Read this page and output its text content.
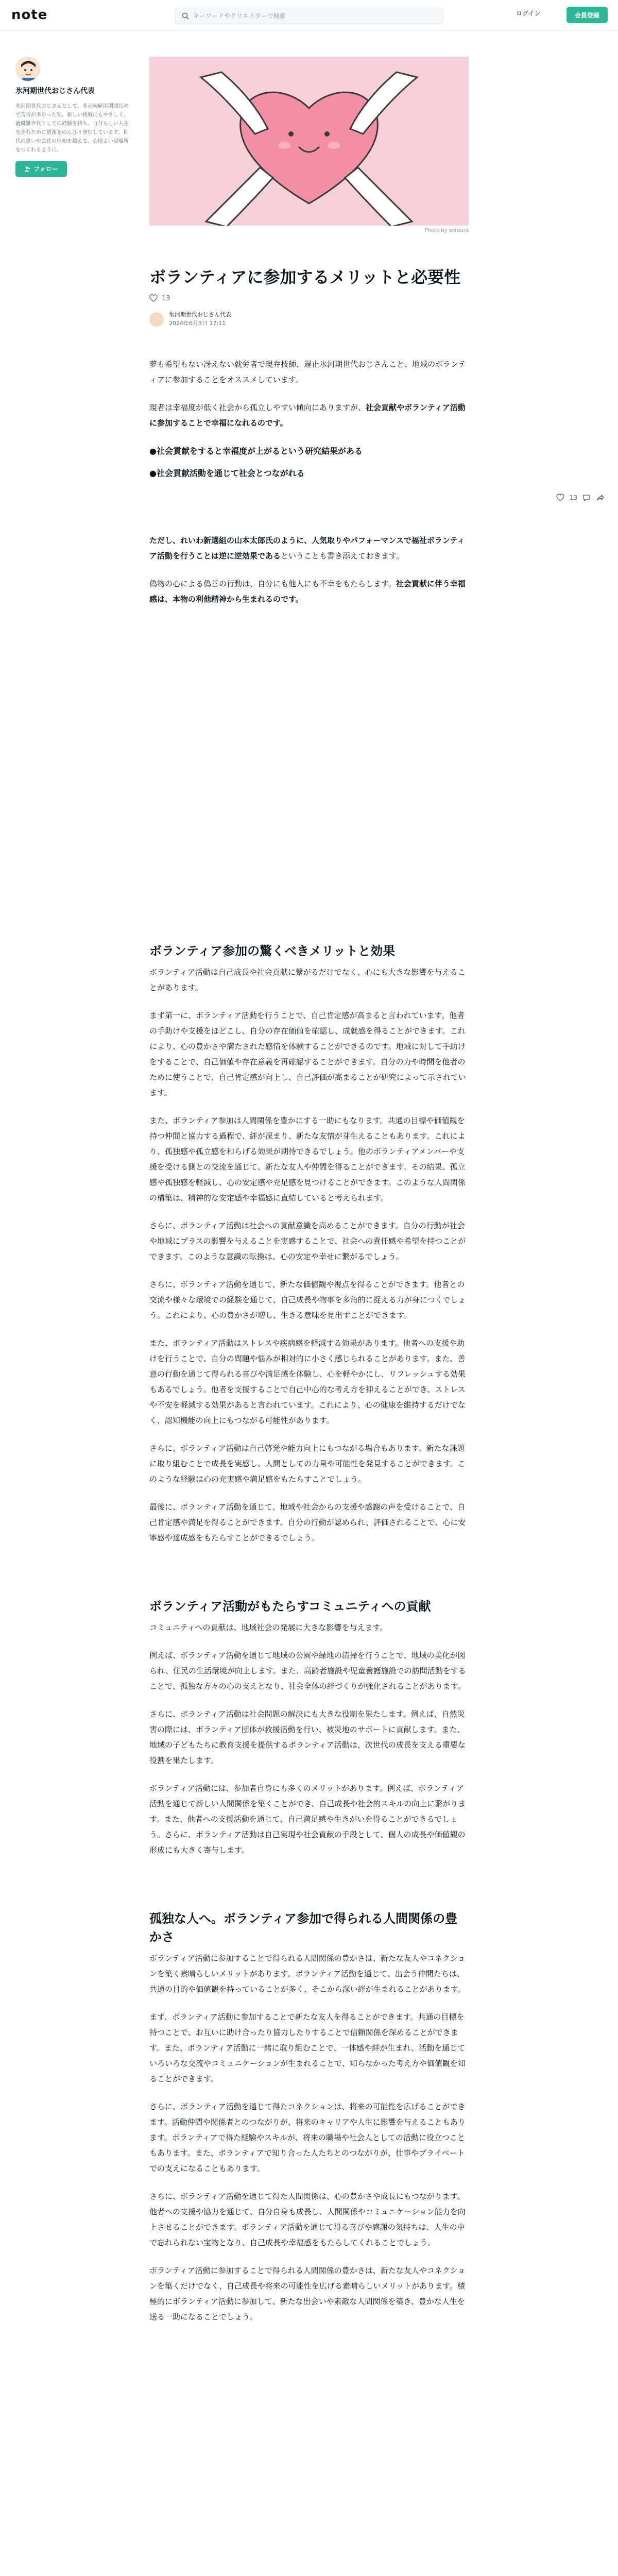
note
キーワードやクリエイターで検索	ログイン	会員登録
氷河期世代おじさん代表
氷河期世代おじさんとして、非正規雇用期間長めで苦労が多かった私。新しい挑戦にもやさしく、就職難世代としての経験を持ち、自分らしい人生を歩むために情報をのんびり発信しています。世代の違いや会社の垣根を越えて、心地よい居場所をつくれるように。
フォロー
Photo by soraura
ボランティアに参加するメリットと必要性
13
氷河期世代おじさん代表
2024年6月3日 17:11

夢も希望もない冴えない就労者で現弁技師、遅止氷河期世代おじさんこと、地域のボランティアに参加することをオススメしています。

現者は幸福度が低く社会から孤立しやすい傾向にありますが、社会貢献やボランティア活動に参加することで幸福になれるのです。

●社会貢献をすると幸福度が上がるという研究結果がある
●社会貢献活動を通じて社会とつながれる

ただし、れいわ新選組の山本太郎氏のように、人気取りやパフォーマンスで福祉ボランティア活動を行うことは逆に逆効果であるということも書き添えておきます。

偽物の心による偽善の行動は、自分にも他人にも不幸をもたらします。社会貢献に伴う幸福感は、本物の利他精神から生まれるのです。

ボランティア参加の驚くべきメリットと効果

ボランティア活動は自己成長や社会貢献に繋がるだけでなく、心にも大きな影響を与えることがあります。

まず第一に、ボランティア活動を行うことで、自己肯定感が高まると言われています。他者の手助けや支援をほどこし、自分の存在価値を確認し、成就感を得ることができます。これにより、心の豊かさや満たされた感情を体験することができるのです。地域に対して手助けをすることで、自己価値や存在意義を再確認することができます。自分の力や時間を他者のために使うことで、自己肯定感が向上し、自己評価が高まることが研究によって示されています。

また、ボランティア参加は人間関係を豊かにする一助にもなります。共通の目標や価値観を持つ仲間と協力する過程で、絆が深まり、新たな友情が芽生えることもあります。これにより、孤独感や孤立感を和らげる効果が期待できるでしょう。他のボランティアメンバーや支援を受ける側との交流を通じて、新たな友人や仲間を得ることができます。その結果、孤立感や孤独感を軽減し、心の安定感や充足感を見つけることができます。このような人間関係の構築は、精神的な安定感や幸福感に直結していると考えられます。

さらに、ボランティア活動は社会への貢献意識を高めることができます。自分の行動が社会や地域にプラスの影響を与えることを実感することで、社会への責任感や希望を持つことができます。このような意識の転換は、心の安定や幸せに繋がるでしょう。

さらに、ボランティア活動を通じて、新たな価値観や視点を得ることができます。他者との交流や様々な環境での経験を通じて、自己成長や物事を多角的に捉える力が身につくでしょう。これにより、心の豊かさが増し、生きる意味を見出すことができます。

また、ボランティア活動はストレスや疾病感を軽減する効果があります。他者への支援や助けを行うことで、自分の問題や悩みが相対的に小さく感じられることがあります。また、善意の行動を通じて得られる喜びや満足感を体験し、心を軽やかにし、リフレッシュする効果もあるでしょう。他者を支援することで自己中心的な考え方を抑えることができ、ストレスや不安を軽減する効果があると言われています。これにより、心の健康を維持するだけでなく、認知機能の向上にもつながる可能性があります。

さらに、ボランティア活動は自己啓発や能力向上にもつながる場合もあります。新たな課題に取り組むことで成長を実感し、人間としての力量や可能性を発見することができます。このような経験は心の充実感や満足感をもたらすことでしょう。

最後に、ボランティア活動を通じて、地域や社会からの支援や感謝の声を受けることで、自己肯定感や満足を得ることができます。自分の行動が認められ、評価されることで、心に安寧感や達成感をもたらすことができるでしょう。

ボランティア活動がもたらすコミュニティへの貢献

コミュニティへの貢献は、地域社会の発展に大きな影響を与えます。

例えば、ボランティア活動を通じて地域の公園や緑地の清掃を行うことで、地域の美化が図られ、住民の生活環境が向上します。また、高齢者施設や児童養護施設での訪問活動をすることで、孤独な方々の心の支えとなり、社会全体の絆づくりが強化されることがあります。

さらに、ボランティア活動は社会問題の解決にも大きな役割を果たします。例えば、自然災害の際には、ボランティア団体が救援活動を行い、被災地のサポートに貢献します。また、地域の子どもたちに教育支援を提供するボランティア活動は、次世代の成長を支える重要な役割を果たします。

ボランティア活動には、参加者自身にも多くのメリットがあります。例えば、ボランティア活動を通じて新しい人間関係を築くことができ、自己成長や社会的スキルの向上に繋がります。また、他者への支援活動を通じて、自己満足感や生きがいを得ることができるでしょう。さらに、ボランティア活動は自己実現や社会貢献の手段として、個人の成長や価値観の形成にも大きく寄与します。

孤独な人へ。ボランティア参加で得られる人間関係の豊かさ

ボランティア活動に参加することで得られる人間関係の豊かさは、新たな友人やコネクションを築く素晴らしいメリットがあります。ボランティア活動を通じて、出会う仲間たちは、共通の目的や価値観を持っていることが多く、そこから深い絆が生まれることがあります。

まず、ボランティア活動に参加することで新たな友人を得ることができます。共通の目標を持つことで、お互いに助け合ったり協力したりすることで信頼関係を深めることができます。また、ボランティア活動に一緒に取り組むことで、一体感や絆が生まれ、活動を通じていろいろな交流やコミュニケーションが生まれることで、知らなかった考え方や価値観を知ることができます。

さらに、ボランティア活動を通じて得たコネクションは、将来の可能性を広げることができます。活動仲間や関係者とのつながりが、将来のキャリアや人生に影響を与えることもあります。ボランティアで得た経験やスキルが、将来の職場や社会人としての活動に役立つこともあります。また、ボランティアで知り合った人たちとのつながりが、仕事やプライベートでの支えになることもあります。

さらに、ボランティア活動を通じて得た人間関係は、心の豊かさや成長にもつながります。他者への支援や協力を通じて、自分自身も成長し、人間関係やコミュニケーション能力を向上させることができます。ボランティア活動を通じて得る喜びや感謝の気持ちは、人生の中で忘れられない宝物となり、自己成長や幸福感をもたらしてくれることでしょう。

ボランティア活動に参加することで得られる人間関係の豊かさは、新たな友人やコネクションを築くだけでなく、自己成長や将来の可能性を広げる素晴らしいメリットがあります。積極的にボランティア活動に参加して、新たな出会いや素敵な人間関係を築き、豊かな人生を送る一助になることでしょう。

13
